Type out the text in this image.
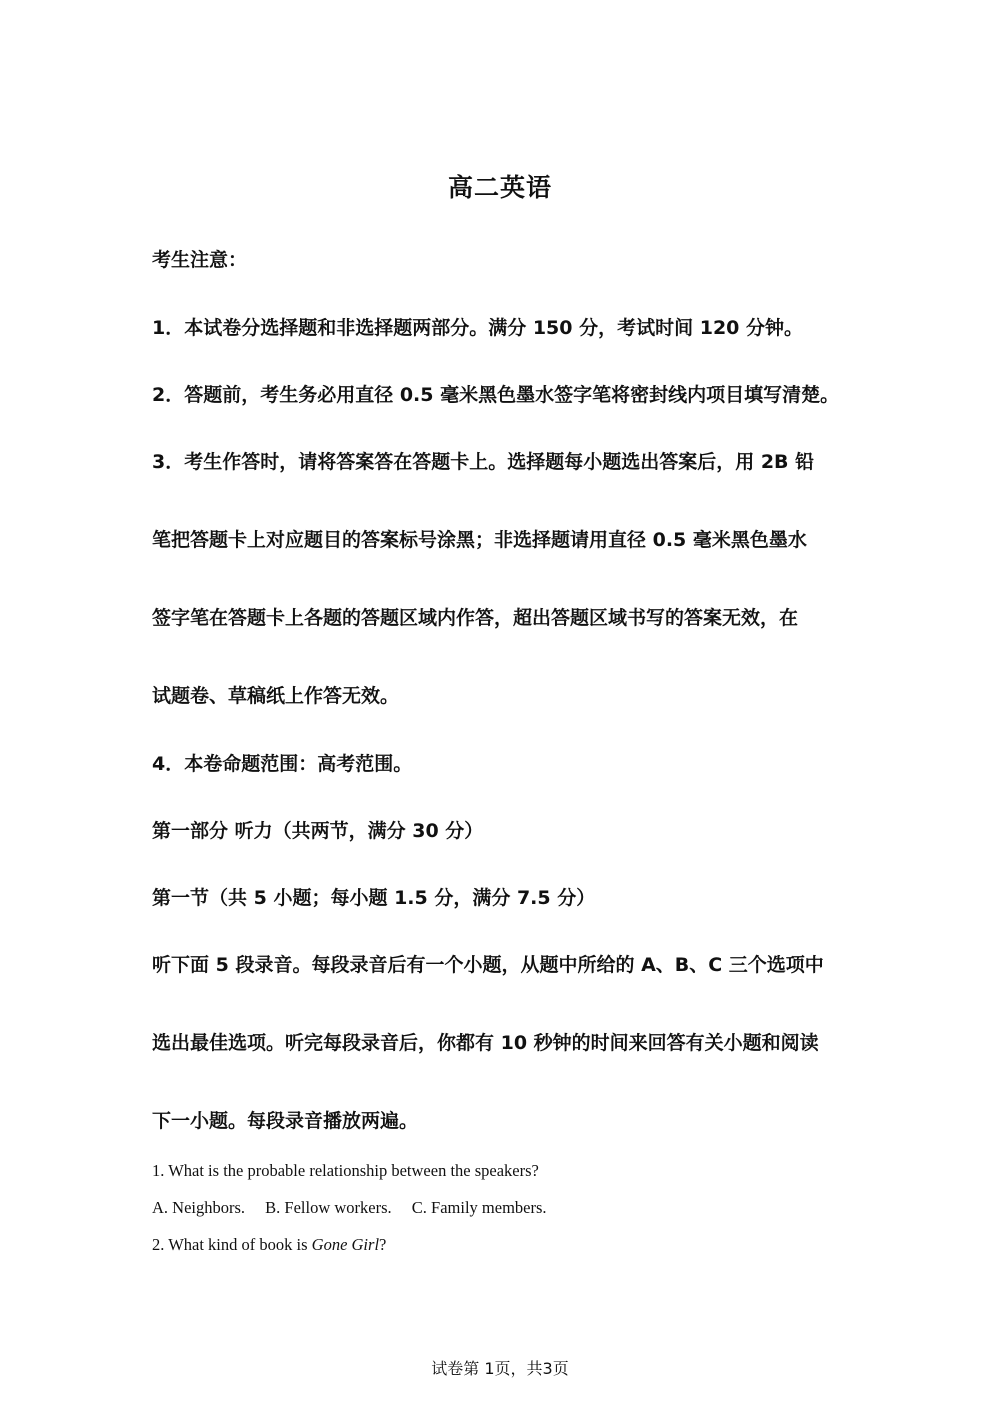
高二英语
考生注意：
1．本试卷分选择题和非选择题两部分。满分 150 分，考试时间 120 分钟。
2．答题前，考生务必用直径 0.5 毫米黑色墨水签字笔将密封线内项目填写清楚。
3．考生作答时，请将答案答在答题卡上。选择题每小题选出答案后，用 2B 铅
笔把答题卡上对应题目的答案标号涂黑；非选择题请用直径 0.5 毫米黑色墨水
签字笔在答题卡上各题的答题区域内作答，超出答题区域书写的答案无效，在
试题卷、草稿纸上作答无效。
4．本卷命题范围：高考范围。
第一部分 听力（共两节，满分 30 分）
第一节（共 5 小题；每小题 1.5 分，满分 7.5 分）
听下面 5 段录音。每段录音后有一个小题，从题中所给的 A、B、C 三个选项中
选出最佳选项。听完每段录音后，你都有 10 秒钟的时间来回答有关小题和阅读
下一小题。每段录音播放两遍。
1. What is the probable relationship between the speakers?
A. Neighbors. B. Fellow workers. C. Family members.
2. What kind of book is Gone Girl?
试卷第 1页，共3页
